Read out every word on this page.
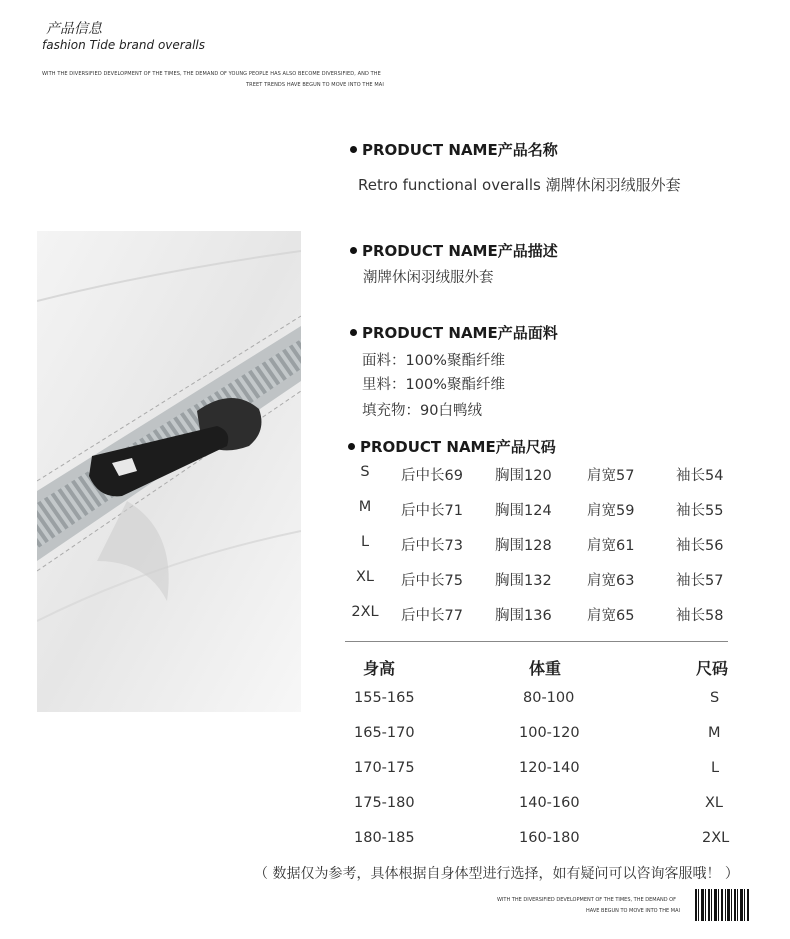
产品信息
fashion Tide brand overalls
WITH THE DIVERSIFIED DEVELOPMENT OF THE TIMES, THE DEMAND OF YOUNG PEOPLE HAS ALSO BECOME DIVERSIFIED, AND THE
TREET TRENDS HAVE BEGUN TO MOVE INTO THE MAI
PRODUCT NAME产品名称
Retro functional overalls 潮牌休闲羽绒服外套
PRODUCT NAME产品描述
潮牌休闲羽绒服外套
PRODUCT NAME产品面料
面料：100%聚酯纤维
里料：100%聚酯纤维
填充物：90白鸭绒
PRODUCT NAME产品尺码
S	后中长69 胸围120 肩宽57	袖长54
M	后中长71 胸围124 肩宽59	袖长55
L	后中长73 胸围128 肩宽61	袖长56
XL	后中长75 胸围132 肩宽63	袖长57
2XL	后中长77 胸围136 肩宽65	袖长58
身高	体重	尺码
155-165	80-100	S
165-170	100-120	M
170-175	120-140	L
175-180	140-160	XL
180-185	160-180	2XL
（ 数据仅为参考，具体根据自身体型进行选择，如有疑问可以咨询客服哦！ ）
WITH THE DIVERSIFIED DEVELOPMENT OF THE TIMES, THE DEMAND OF
HAVE BEGUN TO MOVE INTO THE MAI
